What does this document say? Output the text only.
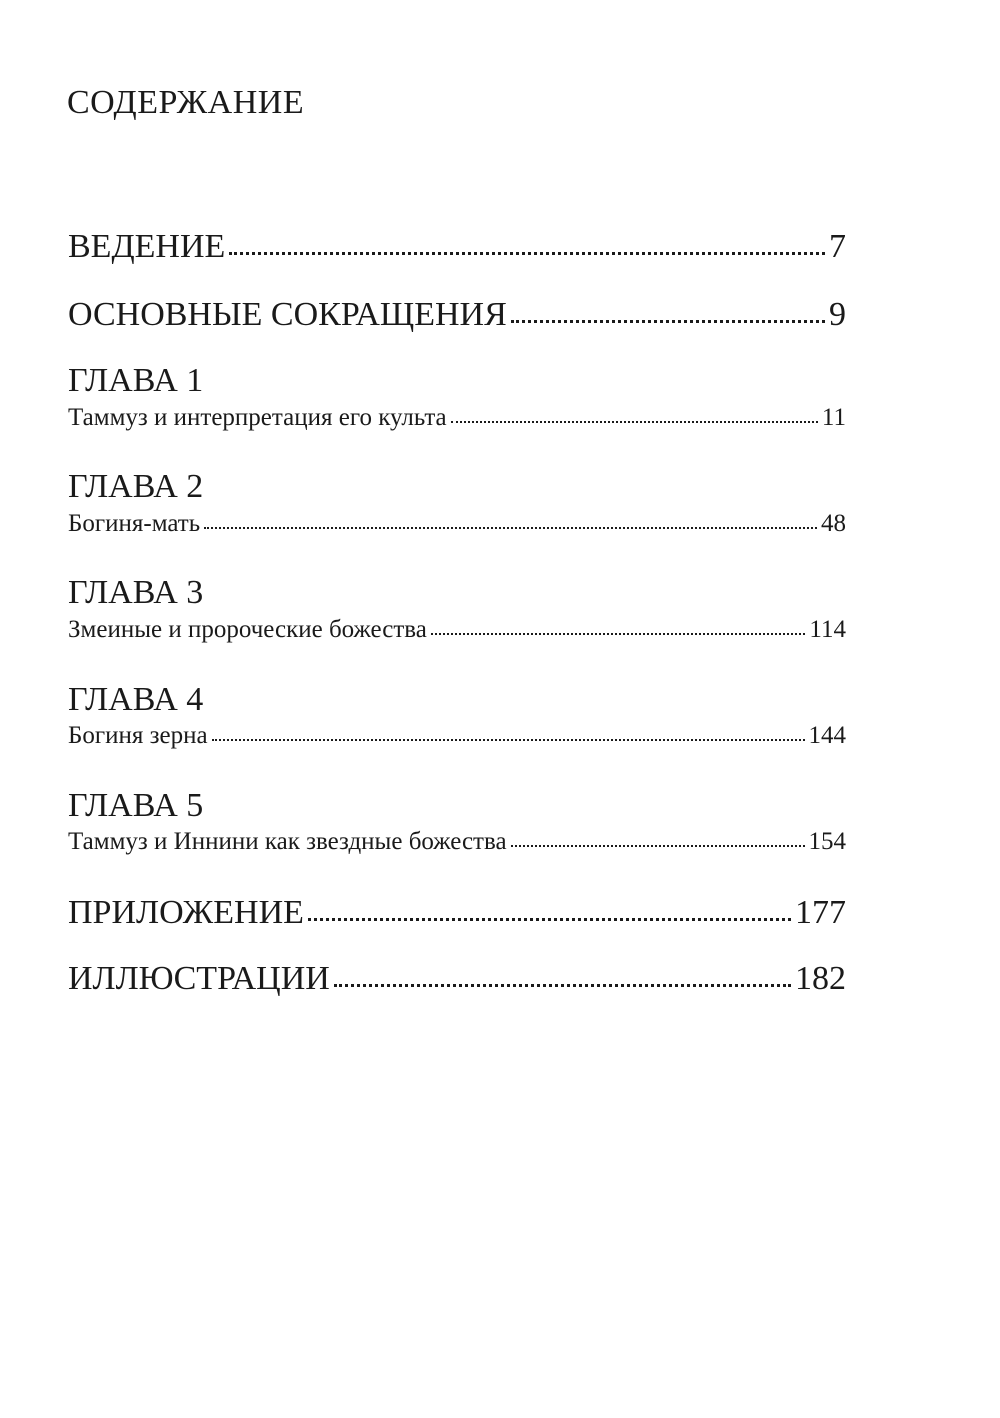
СОДЕРЖАНИЕ
ВЕДЕНИЕ	7
ОСНОВНЫЕ СОКРАЩЕНИЯ	9
ГЛАВА 1
Таммуз и интерпретация его культа	11
ГЛАВА 2
Богиня-мать	48
ГЛАВА 3
Змеиные и пророческие божества	114
ГЛАВА 4
Богиня зерна	144
ГЛАВА 5
Таммуз и Иннини как звездные божества	154
ПРИЛОЖЕНИЕ	177
ИЛЛЮСТРАЦИИ	182
